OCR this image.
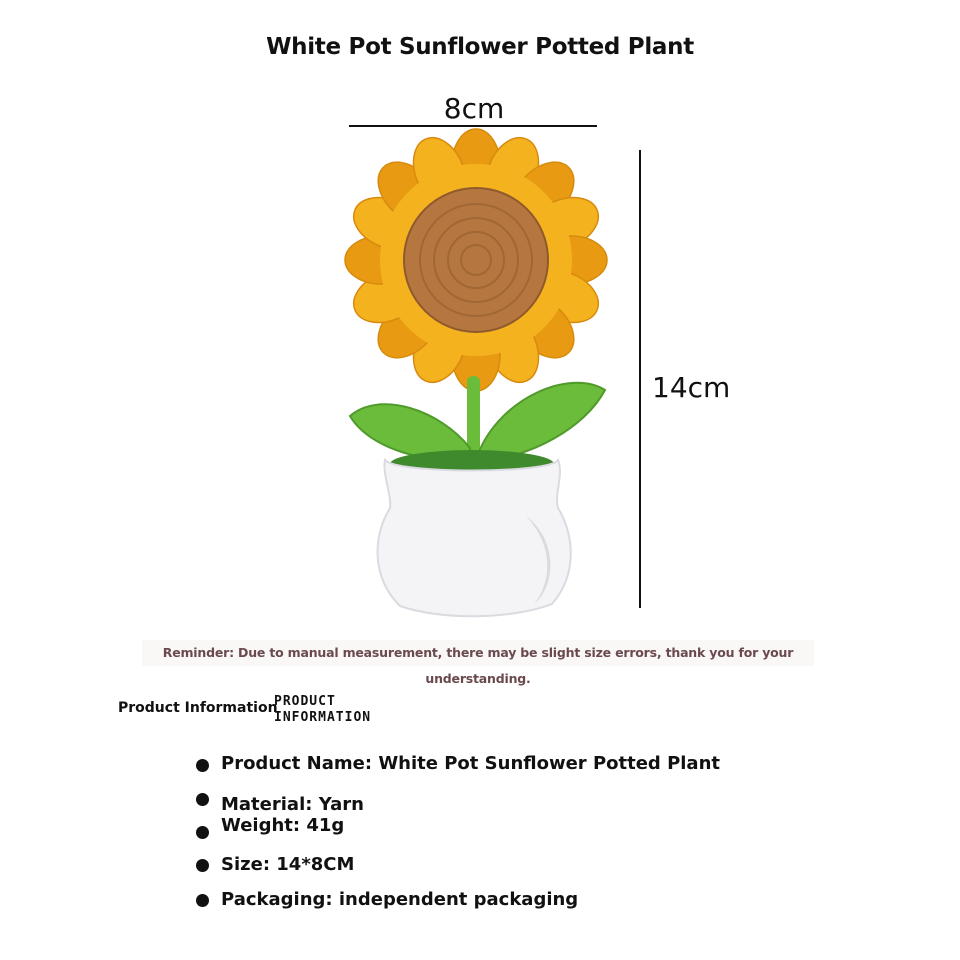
White Pot Sunflower Potted Plant
8cm
14cm
Reminder: Due to manual measurement, there may be slight size errors, thank you for your understanding.
Product Information
PRODUCT
INFORMATION
Product Name: White Pot Sunflower Potted Plant
Material: Yarn
Weight: 41g
Size: 14*8CM
Packaging: independent packaging
